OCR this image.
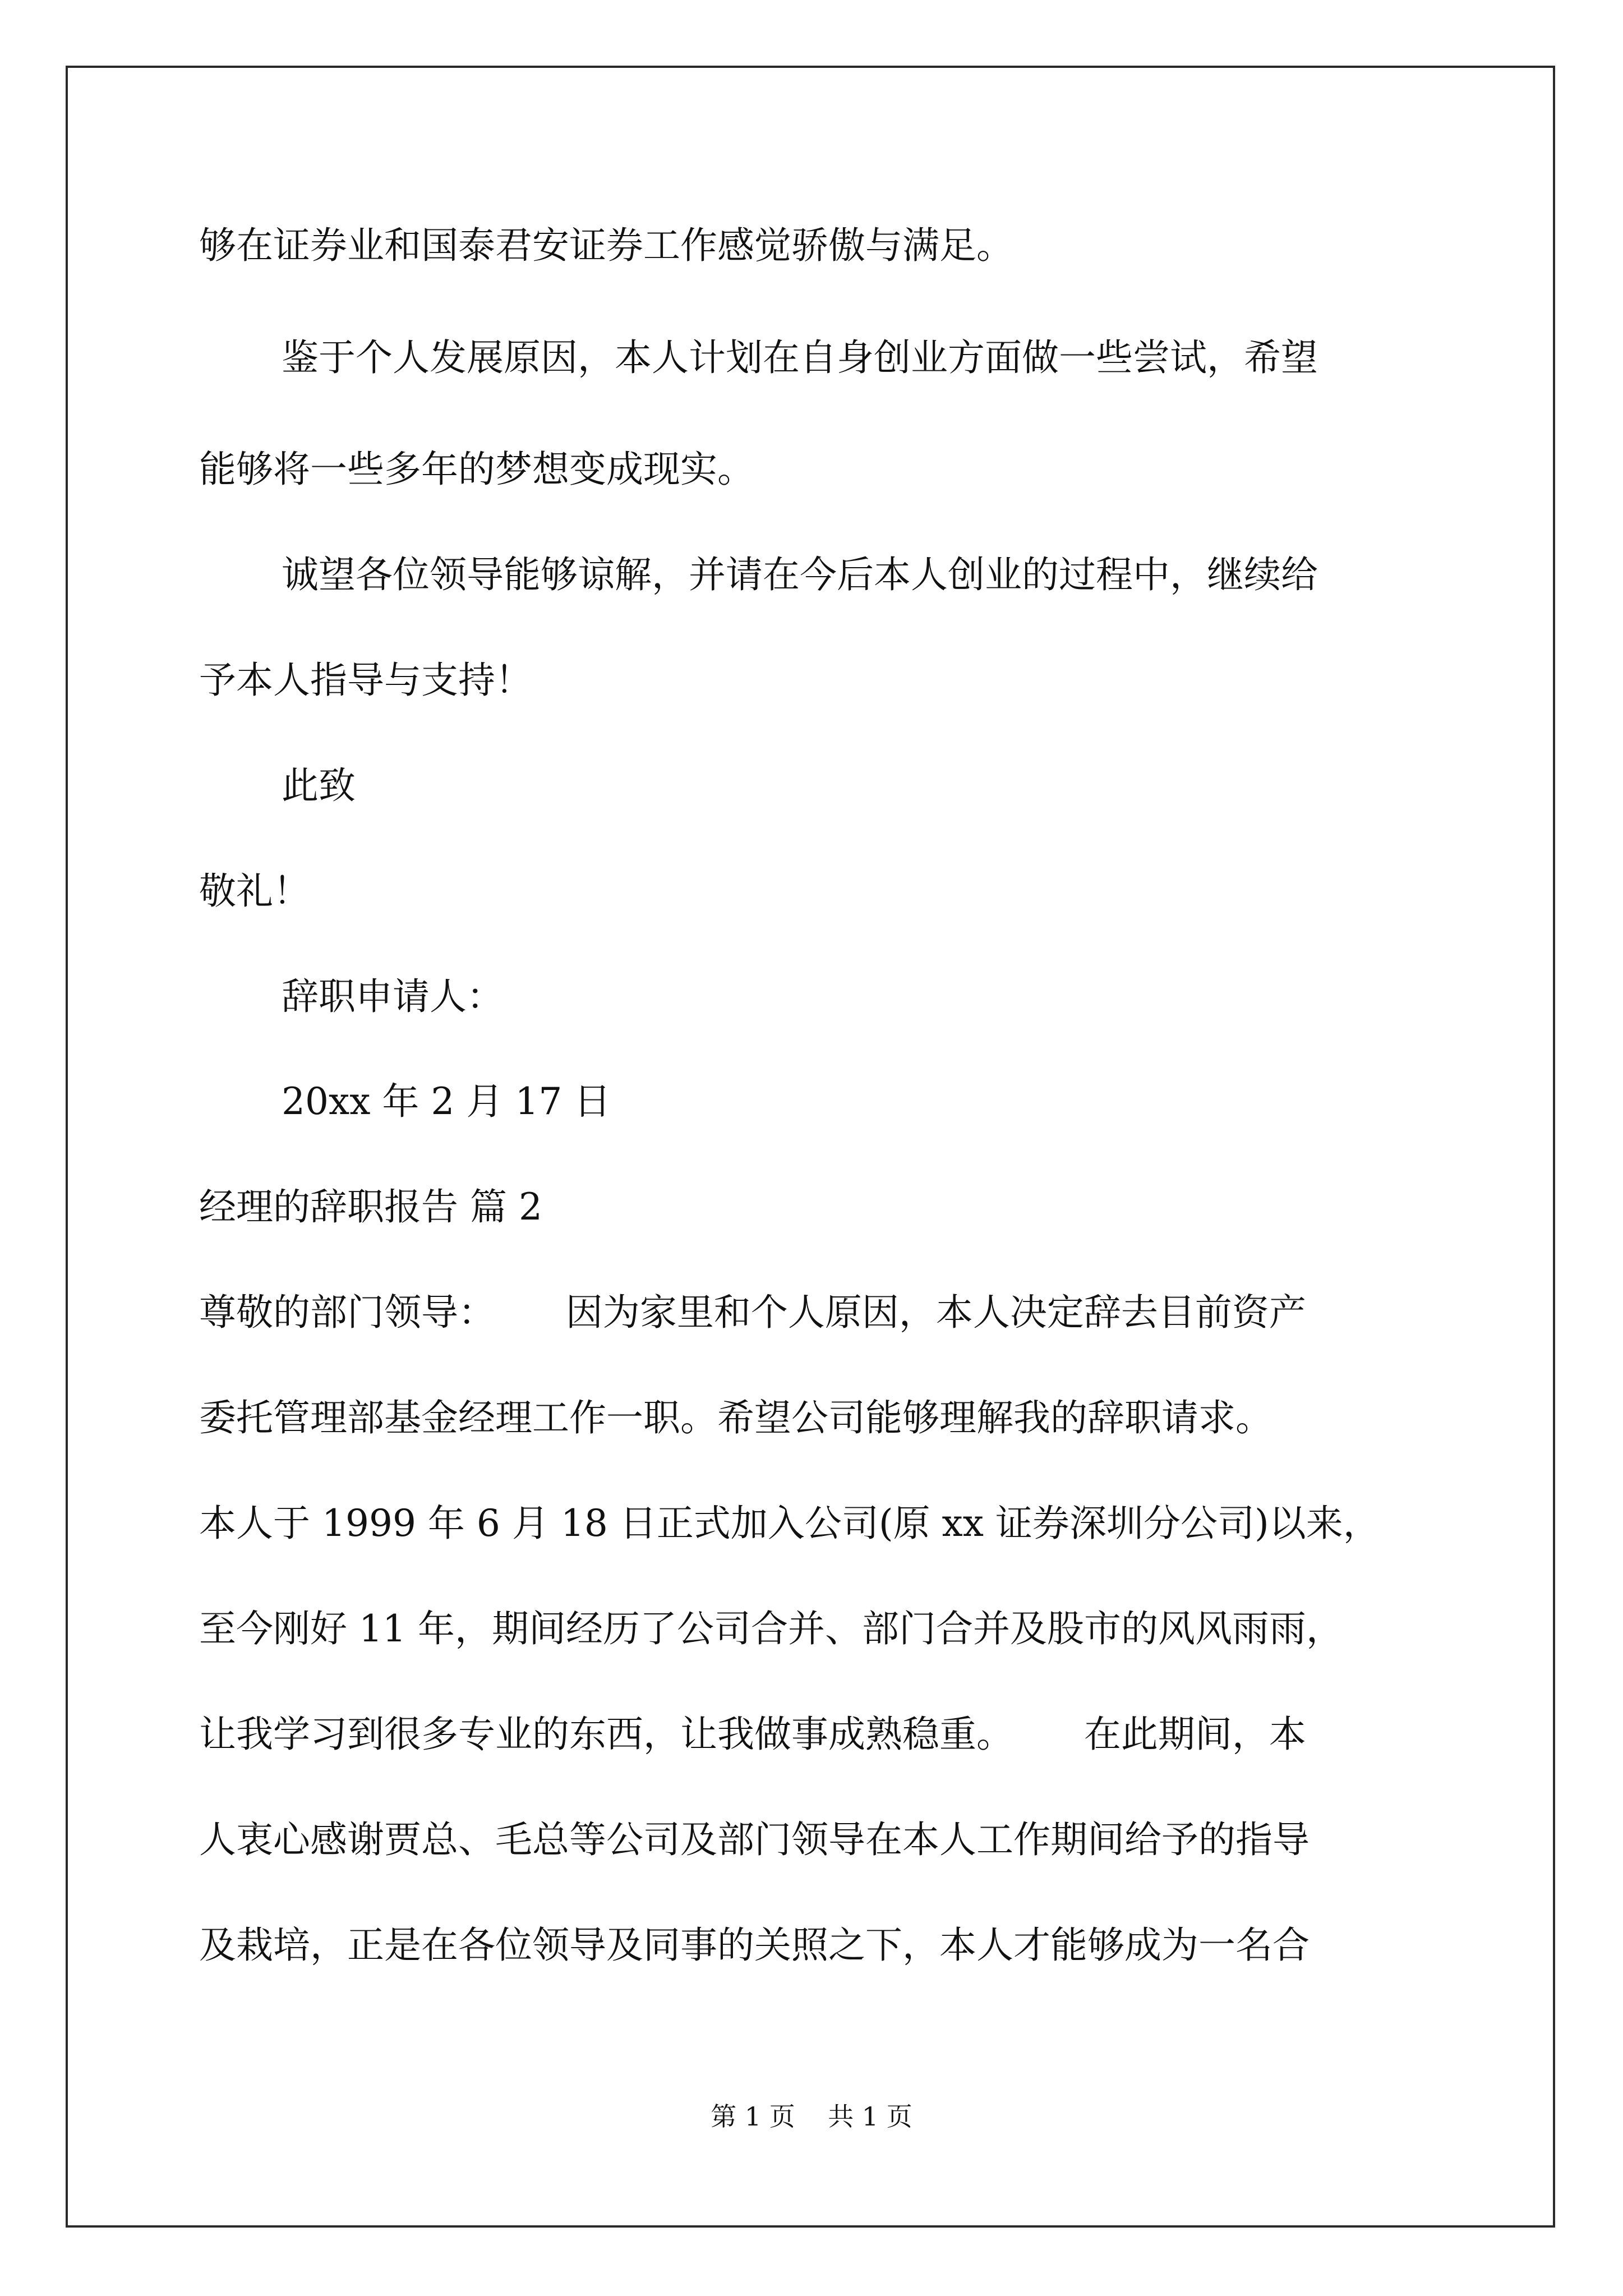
够在证券业和国泰君安证券工作感觉骄傲与满足。

鉴于个人发展原因，本人计划在自身创业方面做一些尝试，希望

能够将一些多年的梦想变成现实。

诚望各位领导能够谅解，并请在今后本人创业的过程中，继续给

予本人指导与支持！

此致

敬礼！

辞职申请人：

20xx 年 2 月 17 日

经理的辞职报告 篇 2

尊敬的部门领导：      因为家里和个人原因，本人决定辞去目前资产

委托管理部基金经理工作一职。希望公司能够理解我的辞职请求。

本人于 1999 年 6 月 18 日正式加入公司(原 xx 证券深圳分公司)以来，

至今刚好 11 年，期间经历了公司合并、部门合并及股市的风风雨雨，

让我学习到很多专业的东西，让我做事成熟稳重。      在此期间，本

人衷心感谢贾总、毛总等公司及部门领导在本人工作期间给予的指导

及栽培，正是在各位领导及同事的关照之下，本人才能够成为一名合

第 1 页    共 1 页
